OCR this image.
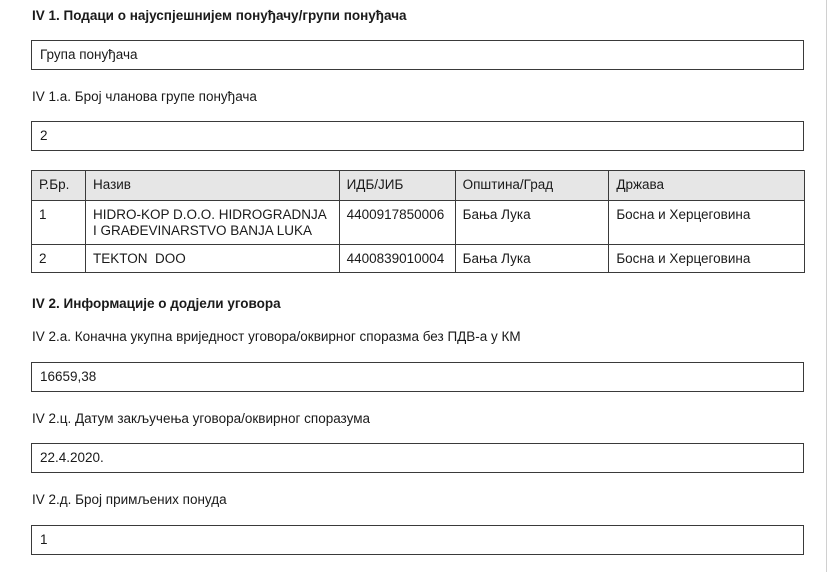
IV 1. Подаци о најуспјешнијем понуђачу/групи понуђача
Група понуђача
IV 1.а. Број чланова групе понуђача
2
Р.Бр.	Назив	ИДБ/ЈИБ	Општина/Град	Држава
1	HIDRO-KOP D.O.O. HIDROGRADNJA I GRAĐEVINARSTVO BANJA LUKA	4400917850006	Бања Лука	Босна и Херцеговина
2	TEKTON  DOO	4400839010004	Бања Лука	Босна и Херцеговина
IV 2. Информације о додјели уговора
IV 2.а. Коначна укупна вриједност уговора/оквирног споразма без ПДВ-а у КМ
16659,38
IV 2.ц. Датум закључења уговора/оквирног споразума
22.4.2020.
IV 2.д. Број примљених понуда
1
